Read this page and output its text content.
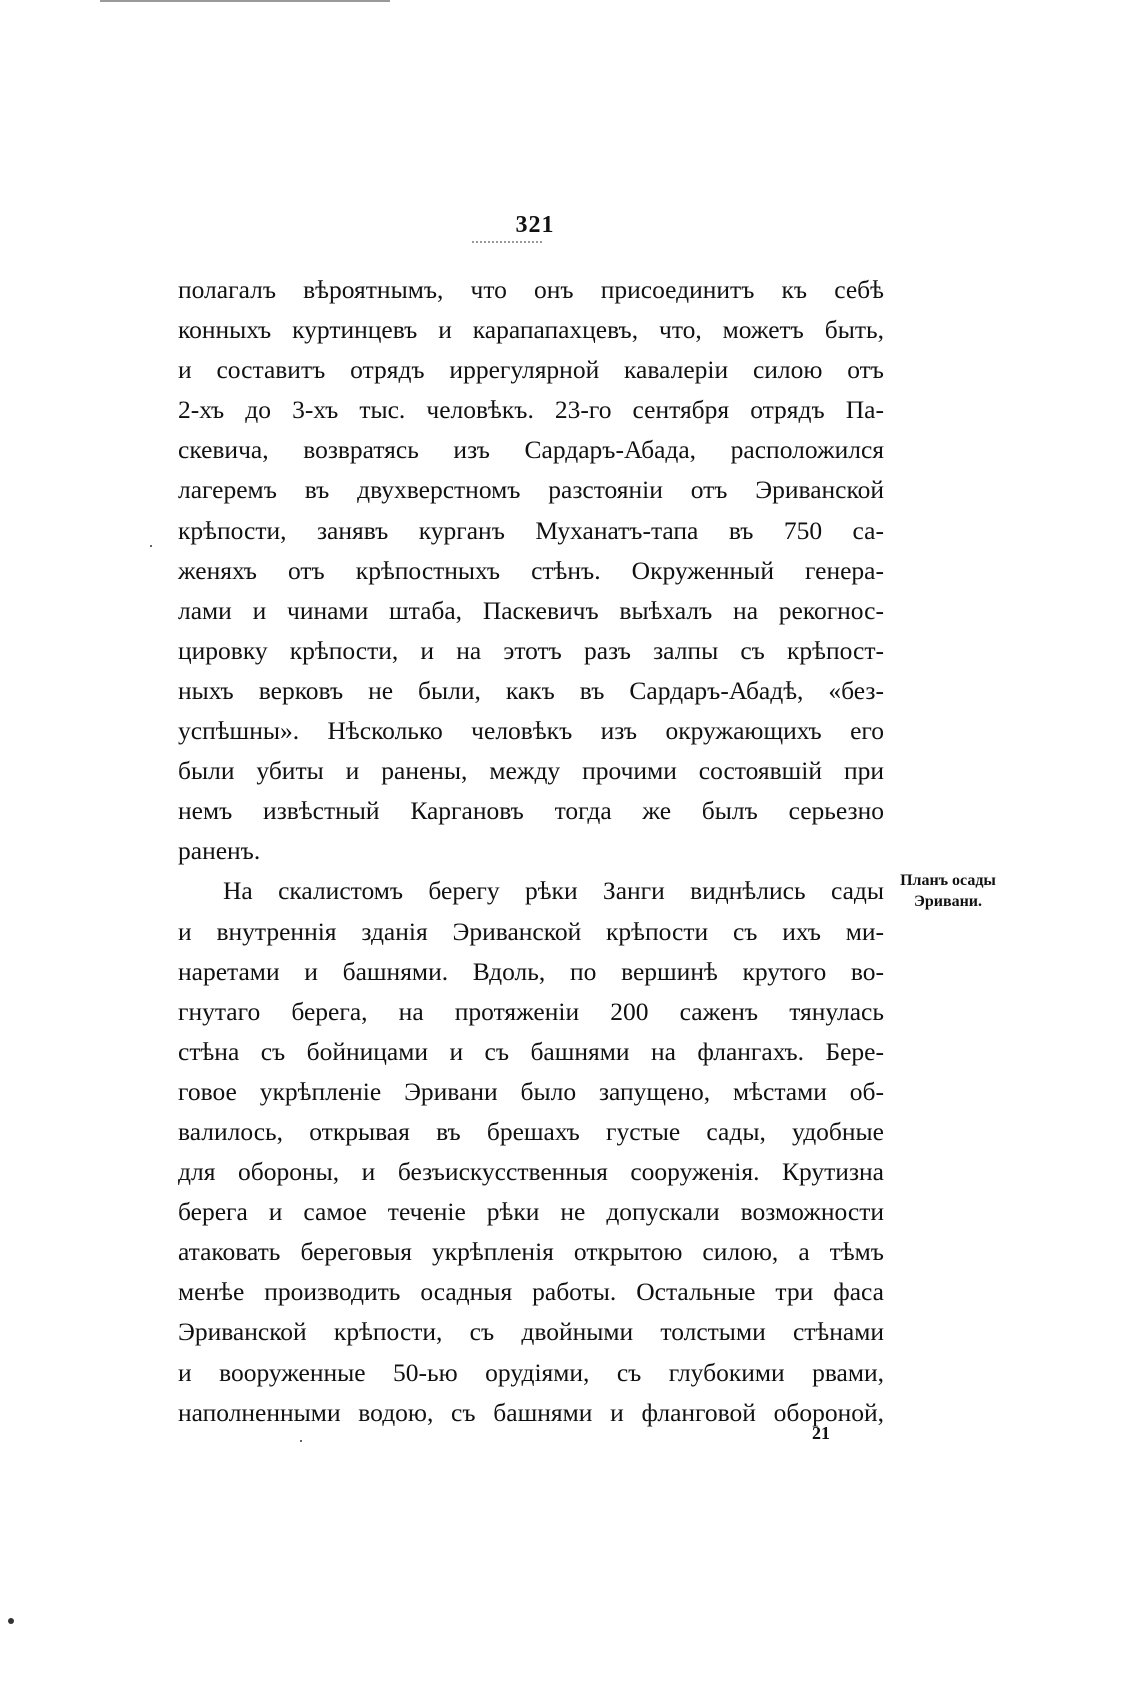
321
полагалъ вѣроятнымъ, что онъ присоединитъ къ себѣ
конныхъ куртинцевъ и карапапахцевъ, что, можетъ быть,
и составитъ отрядъ иррегулярной кавалеріи силою отъ
2-хъ до 3-хъ тыс. человѣкъ. 23-го сентября отрядъ Па-
скевича, возвратясь изъ Сардаръ-Абада, расположился
лагеремъ въ двухверстномъ разстояніи отъ Эриванской
крѣпости, занявъ курганъ Муханатъ-тапа въ 750 са-
женяхъ отъ крѣпостныхъ стѣнъ. Окруженный генера-
лами и чинами штаба, Паскевичъ выѣхалъ на рекогнос-
цировку крѣпости, и на этотъ разъ залпы съ крѣпост-
ныхъ верковъ не были, какъ въ Сардаръ-Абадѣ, «без-
успѣшны». Нѣсколько человѣкъ изъ окружающихъ его
были убиты и ранены, между прочими состоявшій при
немъ извѣстный Каргановъ тогда же былъ серьезно
раненъ.
На скалистомъ берегу рѣки Занги виднѣлись сады
и внутреннія зданія Эриванской крѣпости съ ихъ ми-
наретами и башнями. Вдоль, по вершинѣ крутого во-
гнутаго берега, на протяженіи 200 саженъ тянулась
стѣна съ бойницами и съ башнями на флангахъ. Бере-
говое укрѣпленіе Эривани было запущено, мѣстами об-
валилось, открывая въ брешахъ густые сады, удобные
для обороны, и безъискусственныя сооруженія. Крутизна
берега и самое теченіе рѣки не допускали возможности
атаковать береговыя укрѣпленія открытою силою, а тѣмъ
менѣе производить осадныя работы. Остальные три фаса
Эриванской крѣпости, съ двойными толстыми стѣнами
и вооруженные 50-ью орудіями, съ глубокими рвами,
наполненными водою, съ башнями и фланговой обороной,
Планъ осады
Эривани.
21
